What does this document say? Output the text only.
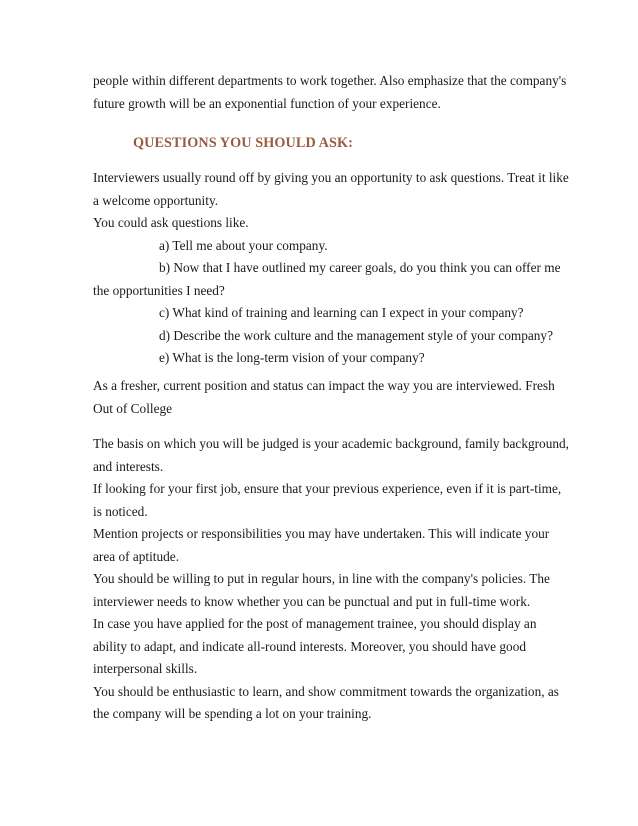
people within different departments to work together. Also emphasize that the company's
future growth will be an exponential function of your experience.

QUESTIONS YOU SHOULD ASK:

Interviewers usually round off by giving you an opportunity to ask questions. Treat it like
a welcome opportunity.
You could ask questions like.
a) Tell me about your company.
b) Now that I have outlined my career goals, do you think you can offer me
the opportunities I need?
c) What kind of training and learning can I expect in your company?
d) Describe the work culture and the management style of your company?
e) What is the long-term vision of your company?

As a fresher, current position and status can impact the way you are interviewed. Fresh
Out of College

The basis on which you will be judged is your academic background, family background,
and interests.
If looking for your first job, ensure that your previous experience, even if it is part-time,
is noticed.
Mention projects or responsibilities you may have undertaken. This will indicate your
area of aptitude.
You should be willing to put in regular hours, in line with the company's policies. The
interviewer needs to know whether you can be punctual and put in full-time work.
In case you have applied for the post of management trainee, you should display an
ability to adapt, and indicate all-round interests. Moreover, you should have good
interpersonal skills.
You should be enthusiastic to learn, and show commitment towards the organization, as
the company will be spending a lot on your training.
